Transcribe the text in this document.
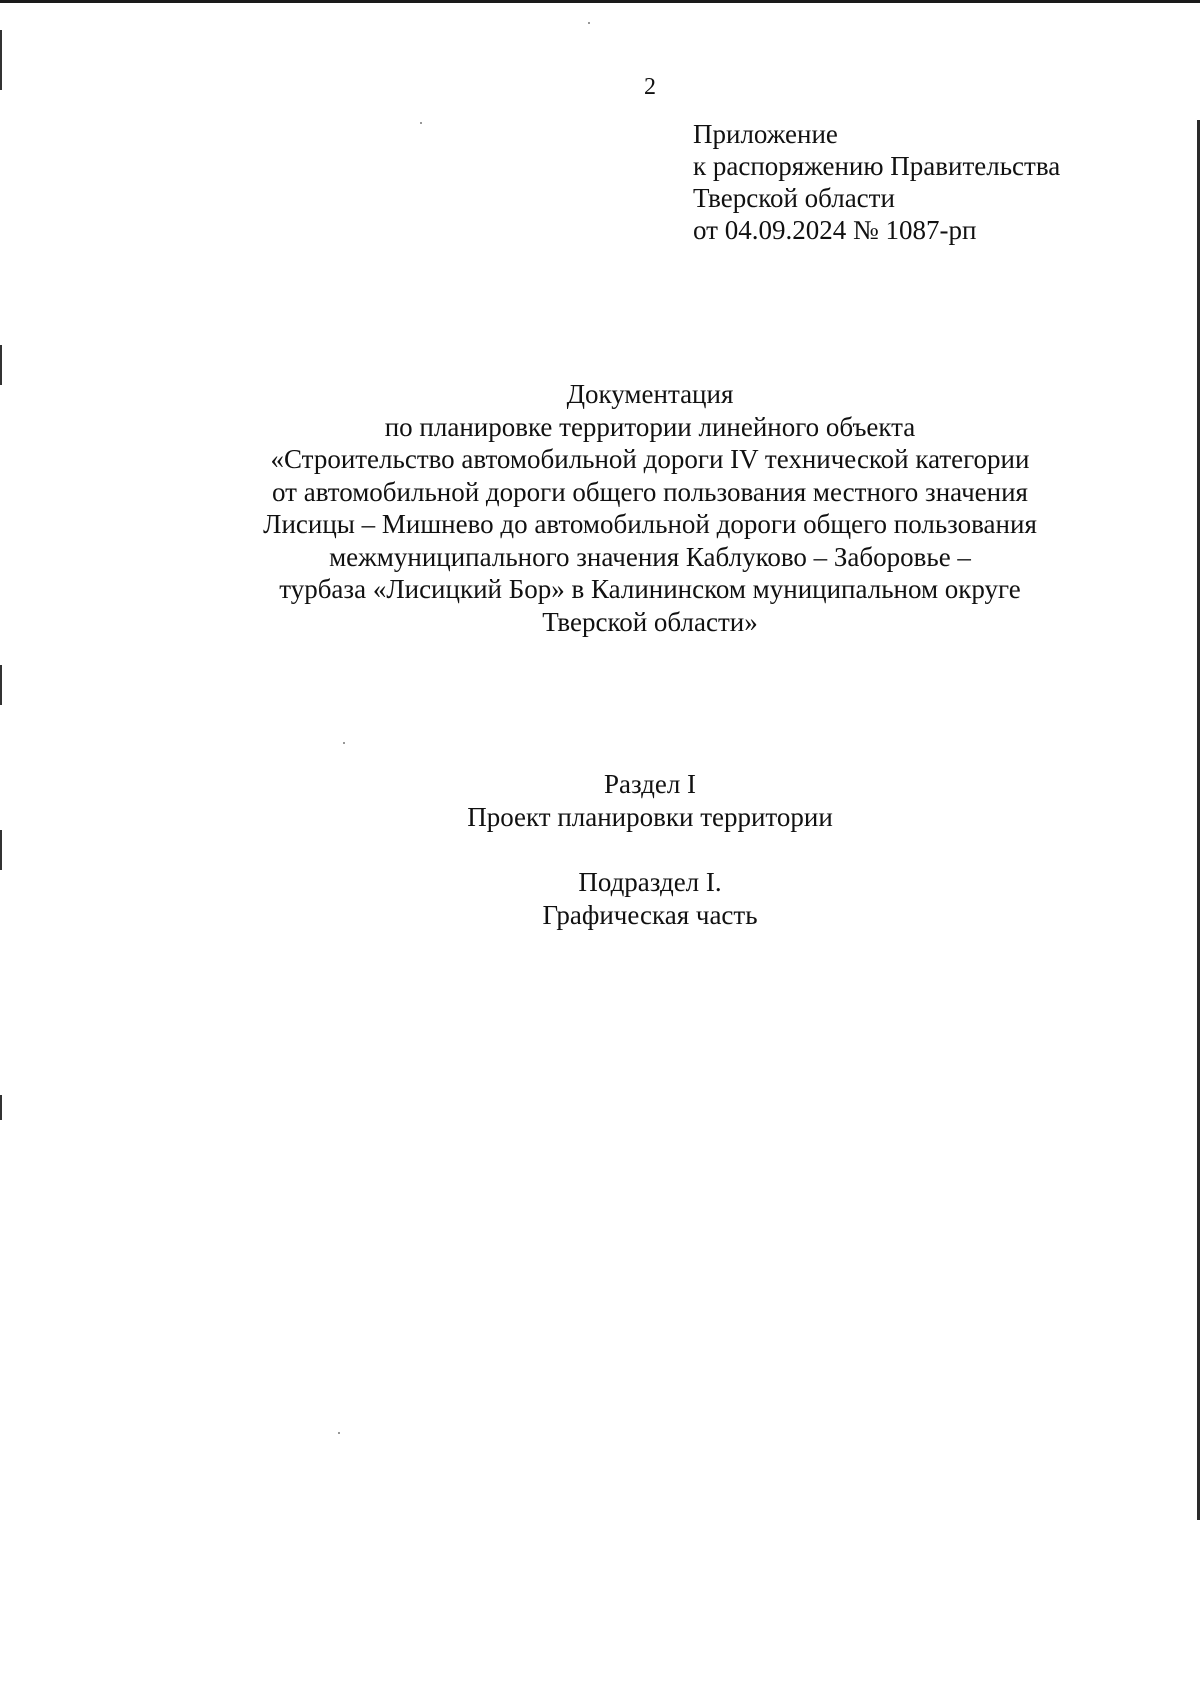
2
Приложение
к распоряжению Правительства
Тверской области
от 04.09.2024 № 1087-рп
Документация
по планировке территории линейного объекта
«Строительство автомобильной дороги IV технической категории
от автомобильной дороги общего пользования местного значения
Лисицы – Мишнево до автомобильной дороги общего пользования
межмуниципального значения Каблуково – Заборовье –
турбаза «Лисицкий Бор» в Калининском муниципальном округе
Тверской области»
Раздел I
Проект планировки территории
Подраздел I.
Графическая часть
